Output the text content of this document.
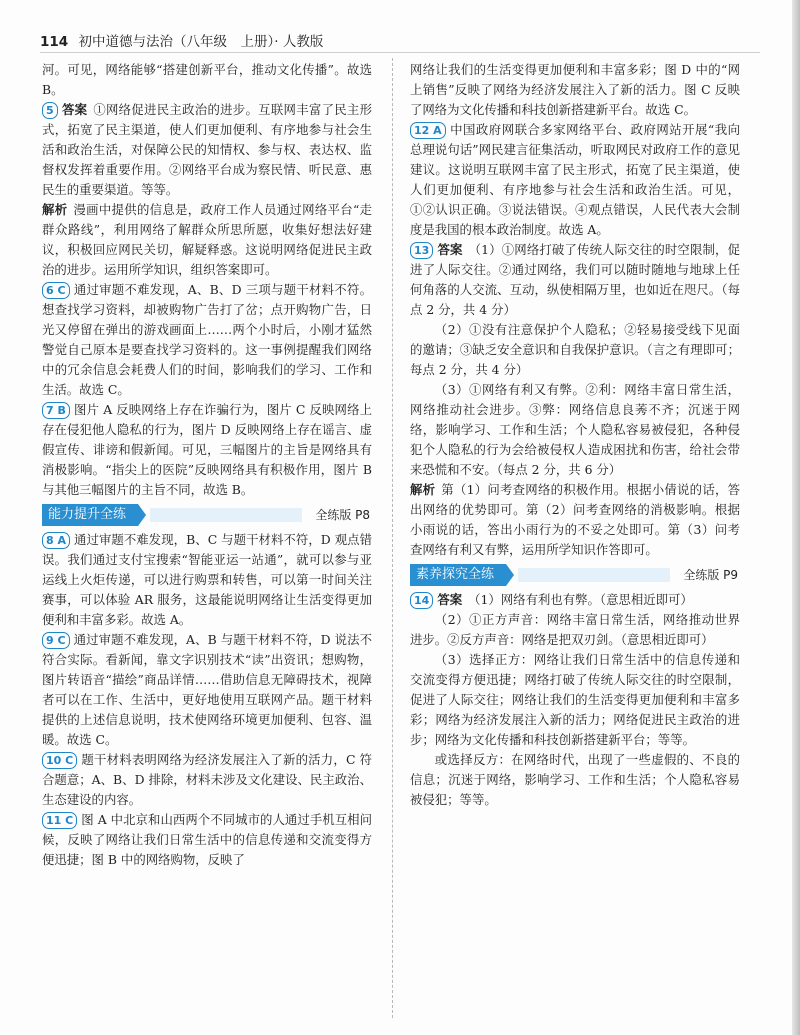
114 初中道德与法治（八年级　上册）· 人教版
河。可见，网络能够“搭建创新平台，推动文化传播”。故选 B。
5 答案 ①网络促进民主政治的进步。互联网丰富了民主形式，拓宽了民主渠道，使人们更加便利、有序地参与社会生活和政治生活，对保障公民的知情权、参与权、表达权、监督权发挥着重要作用。②网络平台成为察民情、听民意、惠民生的重要渠道。等等。
解析 漫画中提供的信息是，政府工作人员通过网络平台“走群众路线”，利用网络了解群众所思所愿，收集好想法好建议，积极回应网民关切，解疑释惑。这说明网络促进民主政治的进步。运用所学知识，组织答案即可。
6 C 通过审题不难发现，A、B、D 三项与题干材料不符。想查找学习资料，却被购物广告打了岔；点开购物广告，日光又停留在弹出的游戏画面上……两个小时后，小刚才猛然警觉自己原本是要查找学习资料的。这一事例提醒我们网络中的冗余信息会耗费人们的时间，影响我们的学习、工作和生活。故选 C。
7 B 图片 A 反映网络上存在诈骗行为，图片 C 反映网络上存在侵犯他人隐私的行为，图片 D 反映网络上存在谣言、虚假宣传、诽谤和假新闻。可见，三幅图片的主旨是网络具有消极影响。“指尖上的医院”反映网络具有积极作用，图片 B 与其他三幅图片的主旨不同，故选 B。
能力提升全练	全练版 P8
8 A 通过审题不难发现，B、C 与题干材料不符，D 观点错误。我们通过支付宝搜索“智能亚运一站通”，就可以参与亚运线上火炬传递，可以进行购票和转售，可以第一时间关注赛事，可以体验 AR 服务，这最能说明网络让生活变得更加便利和丰富多彩。故选 A。
9 C 通过审题不难发现，A、B 与题干材料不符，D 说法不符合实际。看新闻，靠文字识别技术“读”出资讯；想购物，图片转语音“描绘”商品详情……借助信息无障碍技术，视障者可以在工作、生活中，更好地使用互联网产品。题干材料提供的上述信息说明，技术使网络环境更加便利、包容、温暖。故选 C。
10 C 题干材料表明网络为经济发展注入了新的活力，C 符合题意；A、B、D 排除，材料未涉及文化建设、民主政治、生态建设的内容。
11 C 图 A 中北京和山西两个不同城市的人通过手机互相问候，反映了网络让我们日常生活中的信息传递和交流变得方便迅捷；图 B 中的网络购物，反映了
网络让我们的生活变得更加便利和丰富多彩；图 D 中的“网上销售”反映了网络为经济发展注入了新的活力。图 C 反映了网络为文化传播和科技创新搭建新平台。故选 C。
12 A 中国政府网联合多家网络平台、政府网站开展“我向总理说句话”网民建言征集活动，听取网民对政府工作的意见建议。这说明互联网丰富了民主形式，拓宽了民主渠道，使人们更加便利、有序地参与社会生活和政治生活。可见，①②认识正确。③说法错误。④观点错误，人民代表大会制度是我国的根本政治制度。故选 A。
13 答案 （1）①网络打破了传统人际交往的时空限制，促进了人际交往。②通过网络，我们可以随时随地与地球上任何角落的人交流、互动，纵使相隔万里，也如近在咫尺。（每点 2 分，共 4 分）
（2）①没有注意保护个人隐私；②轻易接受线下见面的邀请；③缺乏安全意识和自我保护意识。（言之有理即可；每点 2 分，共 4 分）
（3）①网络有利又有弊。②利：网络丰富日常生活，网络推动社会进步。③弊：网络信息良莠不齐；沉迷于网络，影响学习、工作和生活；个人隐私容易被侵犯，各种侵犯个人隐私的行为会给被侵权人造成困扰和伤害，给社会带来恐慌和不安。（每点 2 分，共 6 分）
解析 第（1）问考查网络的积极作用。根据小倩说的话，答出网络的优势即可。第（2）问考查网络的消极影响。根据小雨说的话，答出小雨行为的不妥之处即可。第（3）问考查网络有利又有弊，运用所学知识作答即可。
素养探究全练	全练版 P9
14 答案 （1）网络有利也有弊。（意思相近即可）
（2）①正方声音：网络丰富日常生活，网络推动世界进步。②反方声音：网络是把双刃剑。（意思相近即可）
（3）选择正方：网络让我们日常生活中的信息传递和交流变得方便迅捷；网络打破了传统人际交往的时空限制，促进了人际交往；网络让我们的生活变得更加便利和丰富多彩；网络为经济发展注入新的活力；网络促进民主政治的进步；网络为文化传播和科技创新搭建新平台；等等。
或选择反方：在网络时代，出现了一些虚假的、不良的信息；沉迷于网络，影响学习、工作和生活；个人隐私容易被侵犯；等等。
